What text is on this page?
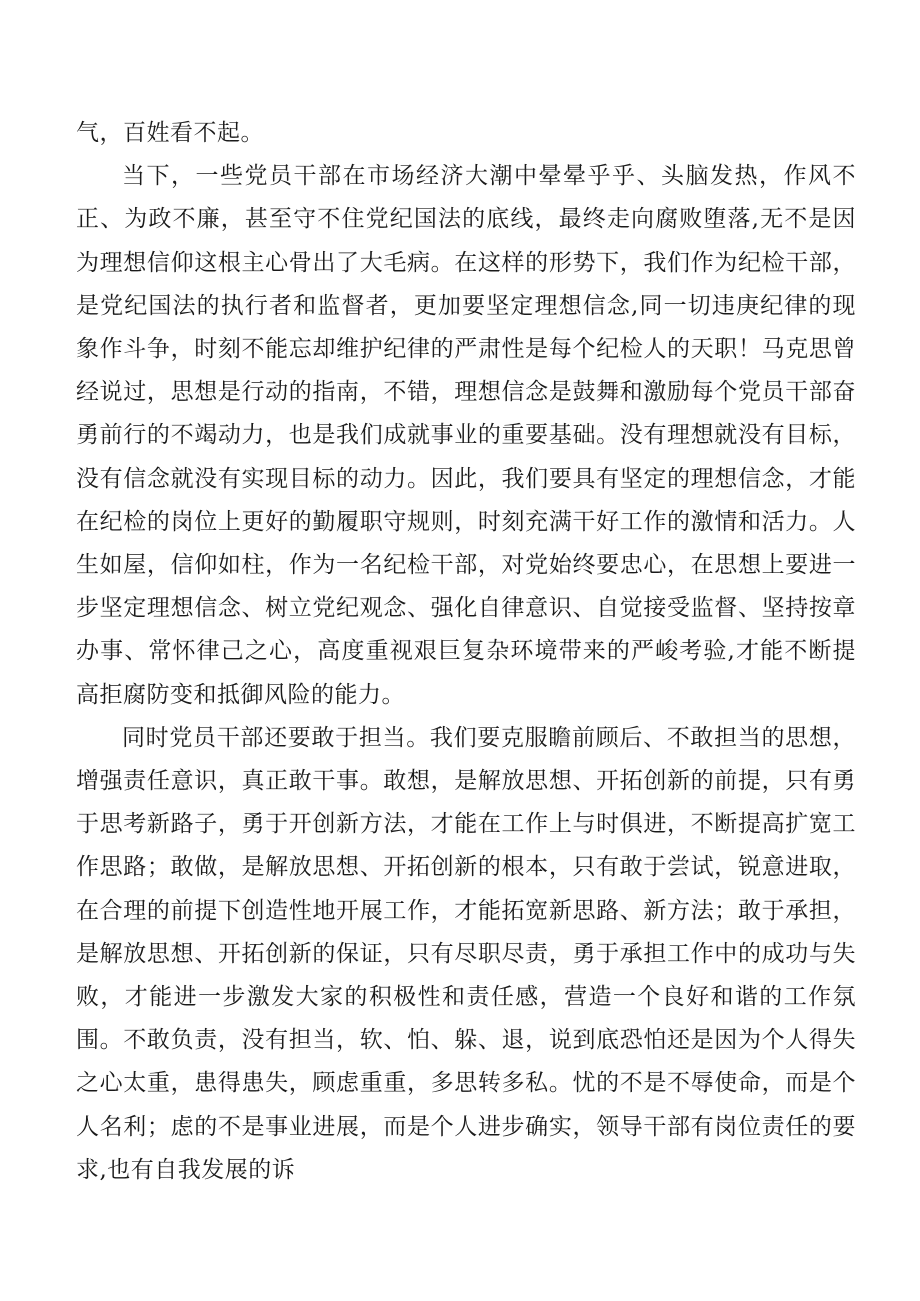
气，百姓看不起。

当下，一些党员干部在市场经济大潮中晕晕乎乎、头脑发热，作风不正、为政不廉，甚至守不住党纪国法的底线，最终走向腐败堕落,无不是因为理想信仰这根主心骨出了大毛病。在这样的形势下，我们作为纪检干部，是党纪国法的执行者和监督者，更加要坚定理想信念,同一切违庚纪律的现象作斗争，时刻不能忘却维护纪律的严肃性是每个纪检人的天职！马克思曾经说过，思想是行动的指南，不错，理想信念是鼓舞和激励每个党员干部奋勇前行的不竭动力，也是我们成就事业的重要基础。没有理想就没有目标，没有信念就没有实现目标的动力。因此，我们要具有坚定的理想信念，才能在纪检的岗位上更好的勤履职守规则，时刻充满干好工作的激情和活力。人生如屋，信仰如柱，作为一名纪检干部，对党始终要忠心，在思想上要进一步坚定理想信念、树立党纪观念、强化自律意识、自觉接受监督、坚持按章办事、常怀律己之心，高度重视艰巨复杂环境带来的严峻考验,才能不断提高拒腐防变和抵御风险的能力。

同时党员干部还要敢于担当。我们要克服瞻前顾后、不敢担当的思想，增强责任意识，真正敢干事。敢想，是解放思想、开拓创新的前提，只有勇于思考新路子，勇于开创新方法，才能在工作上与时俱进，不断提高扩宽工作思路；敢做，是解放思想、开拓创新的根本，只有敢于尝试，锐意进取，在合理的前提下创造性地开展工作，才能拓宽新思路、新方法；敢于承担，是解放思想、开拓创新的保证，只有尽职尽责，勇于承担工作中的成功与失败，才能进一步激发大家的积极性和责任感，营造一个良好和谐的工作氛围。不敢负责，没有担当，软、怕、躲、退，说到底恐怕还是因为个人得失之心太重，患得患失，顾虑重重，多思转多私。忧的不是不辱使命，而是个人名利；虑的不是事业进展，而是个人进步确实，领导干部有岗位责任的要求,也有自我发展的诉
